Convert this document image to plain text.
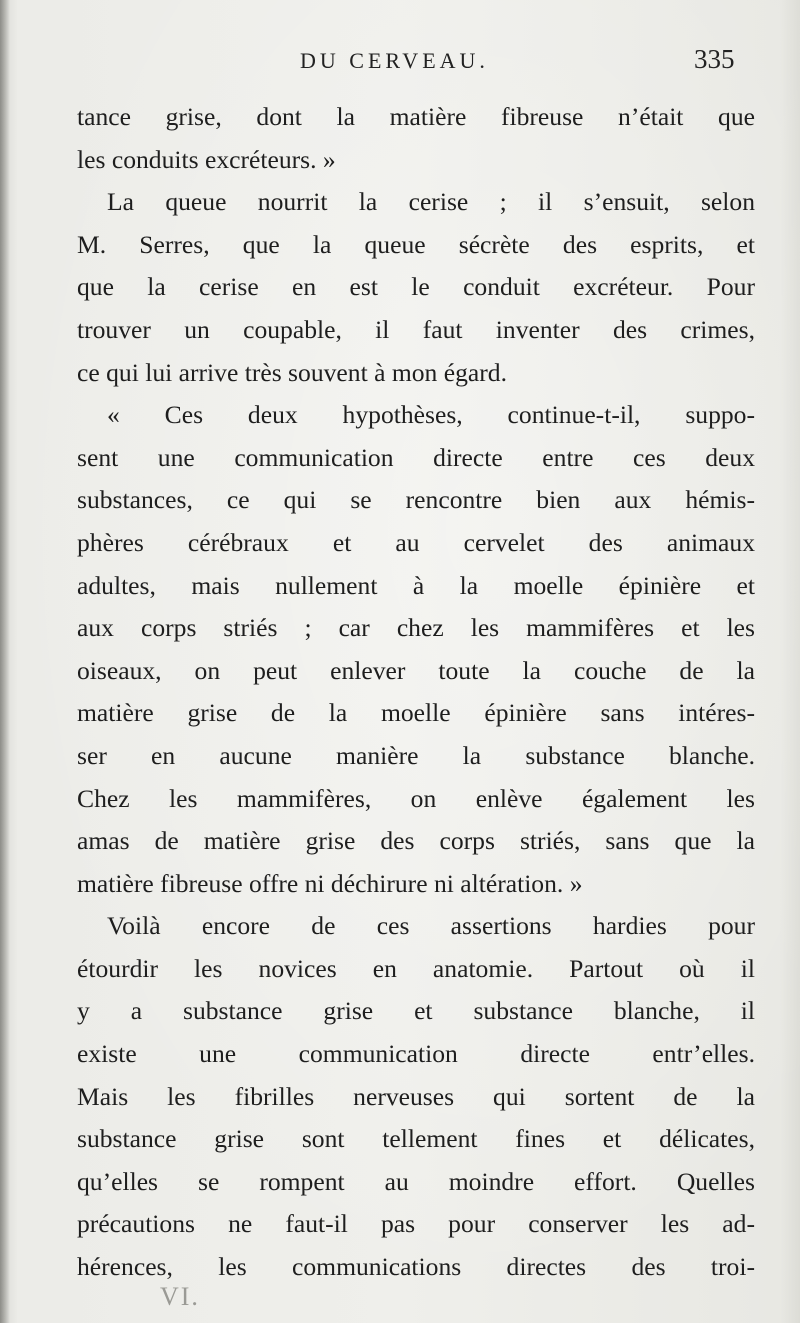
DU CERVEAU.	335
tance grise, dont la matière fibreuse n’était que
les conduits excréteurs. »
La queue nourrit la cerise ; il s’ensuit, selon
M. Serres, que la queue sécrète des esprits, et
que la cerise en est le conduit excréteur. Pour
trouver un coupable, il faut inventer des crimes,
ce qui lui arrive très souvent à mon égard.
« Ces deux hypothèses, continue-t-il, suppo-
sent une communication directe entre ces deux
substances, ce qui se rencontre bien aux hémis-
phères cérébraux et au cervelet des animaux
adultes, mais nullement à la moelle épinière et
aux corps striés ; car chez les mammifères et les
oiseaux, on peut enlever toute la couche de la
matière grise de la moelle épinière sans intéres-
ser en aucune manière la substance blanche.
Chez les mammifères, on enlève également les
amas de matière grise des corps striés, sans que la
matière fibreuse offre ni déchirure ni altération. »
Voilà encore de ces assertions hardies pour
étourdir les novices en anatomie. Partout où il
y a substance grise et substance blanche, il
existe une communication directe entr’elles.
Mais les fibrilles nerveuses qui sortent de la
substance grise sont tellement fines et délicates,
qu’elles se rompent au moindre effort. Quelles
précautions ne faut-il pas pour conserver les ad-
hérences, les communications directes des troi-
VI.
